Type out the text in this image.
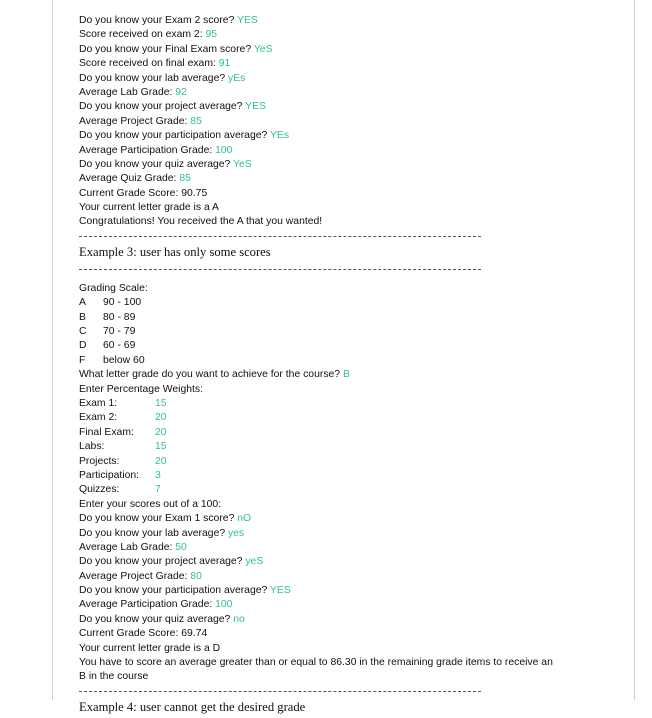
Do you know your Exam 2 score? YES
Score received on exam 2: 95
Do you know your Final Exam score? YeS
Score received on final exam: 91
Do you know your lab average? yEs
Average Lab Grade: 92
Do you know your project average? YES
Average Project Grade: 85
Do you know your participation average? YEs
Average Participation Grade: 100
Do you know your quiz average? YeS
Average Quiz Grade: 85
Current Grade Score: 90.75
Your current letter grade is a A
Congratulations! You received the A that you wanted!
Example 3: user has only some scores
Grading Scale:
A 90 - 100
B 80 - 89
C 70 - 79
D 60 - 69
F below 60
What letter grade do you want to achieve for the course? B
Enter Percentage Weights:
Exam 1:	15
Exam 2:	20
Final Exam: 20
Labs:	15
Projects:	20
Participation: 3
Quizzes:	7
Enter your scores out of a 100:
Do you know your Exam 1 score? nO
Do you know your lab average? yes
Average Lab Grade: 50
Do you know your project average? yeS
Average Project Grade: 80
Do you know your participation average? YES
Average Participation Grade: 100
Do you know your quiz average? no
Current Grade Score: 69.74
Your current letter grade is a D
You have to score an average greater than or equal to 86.30 in the remaining grade items to receive an
B in the course
Example 4: user cannot get the desired grade
